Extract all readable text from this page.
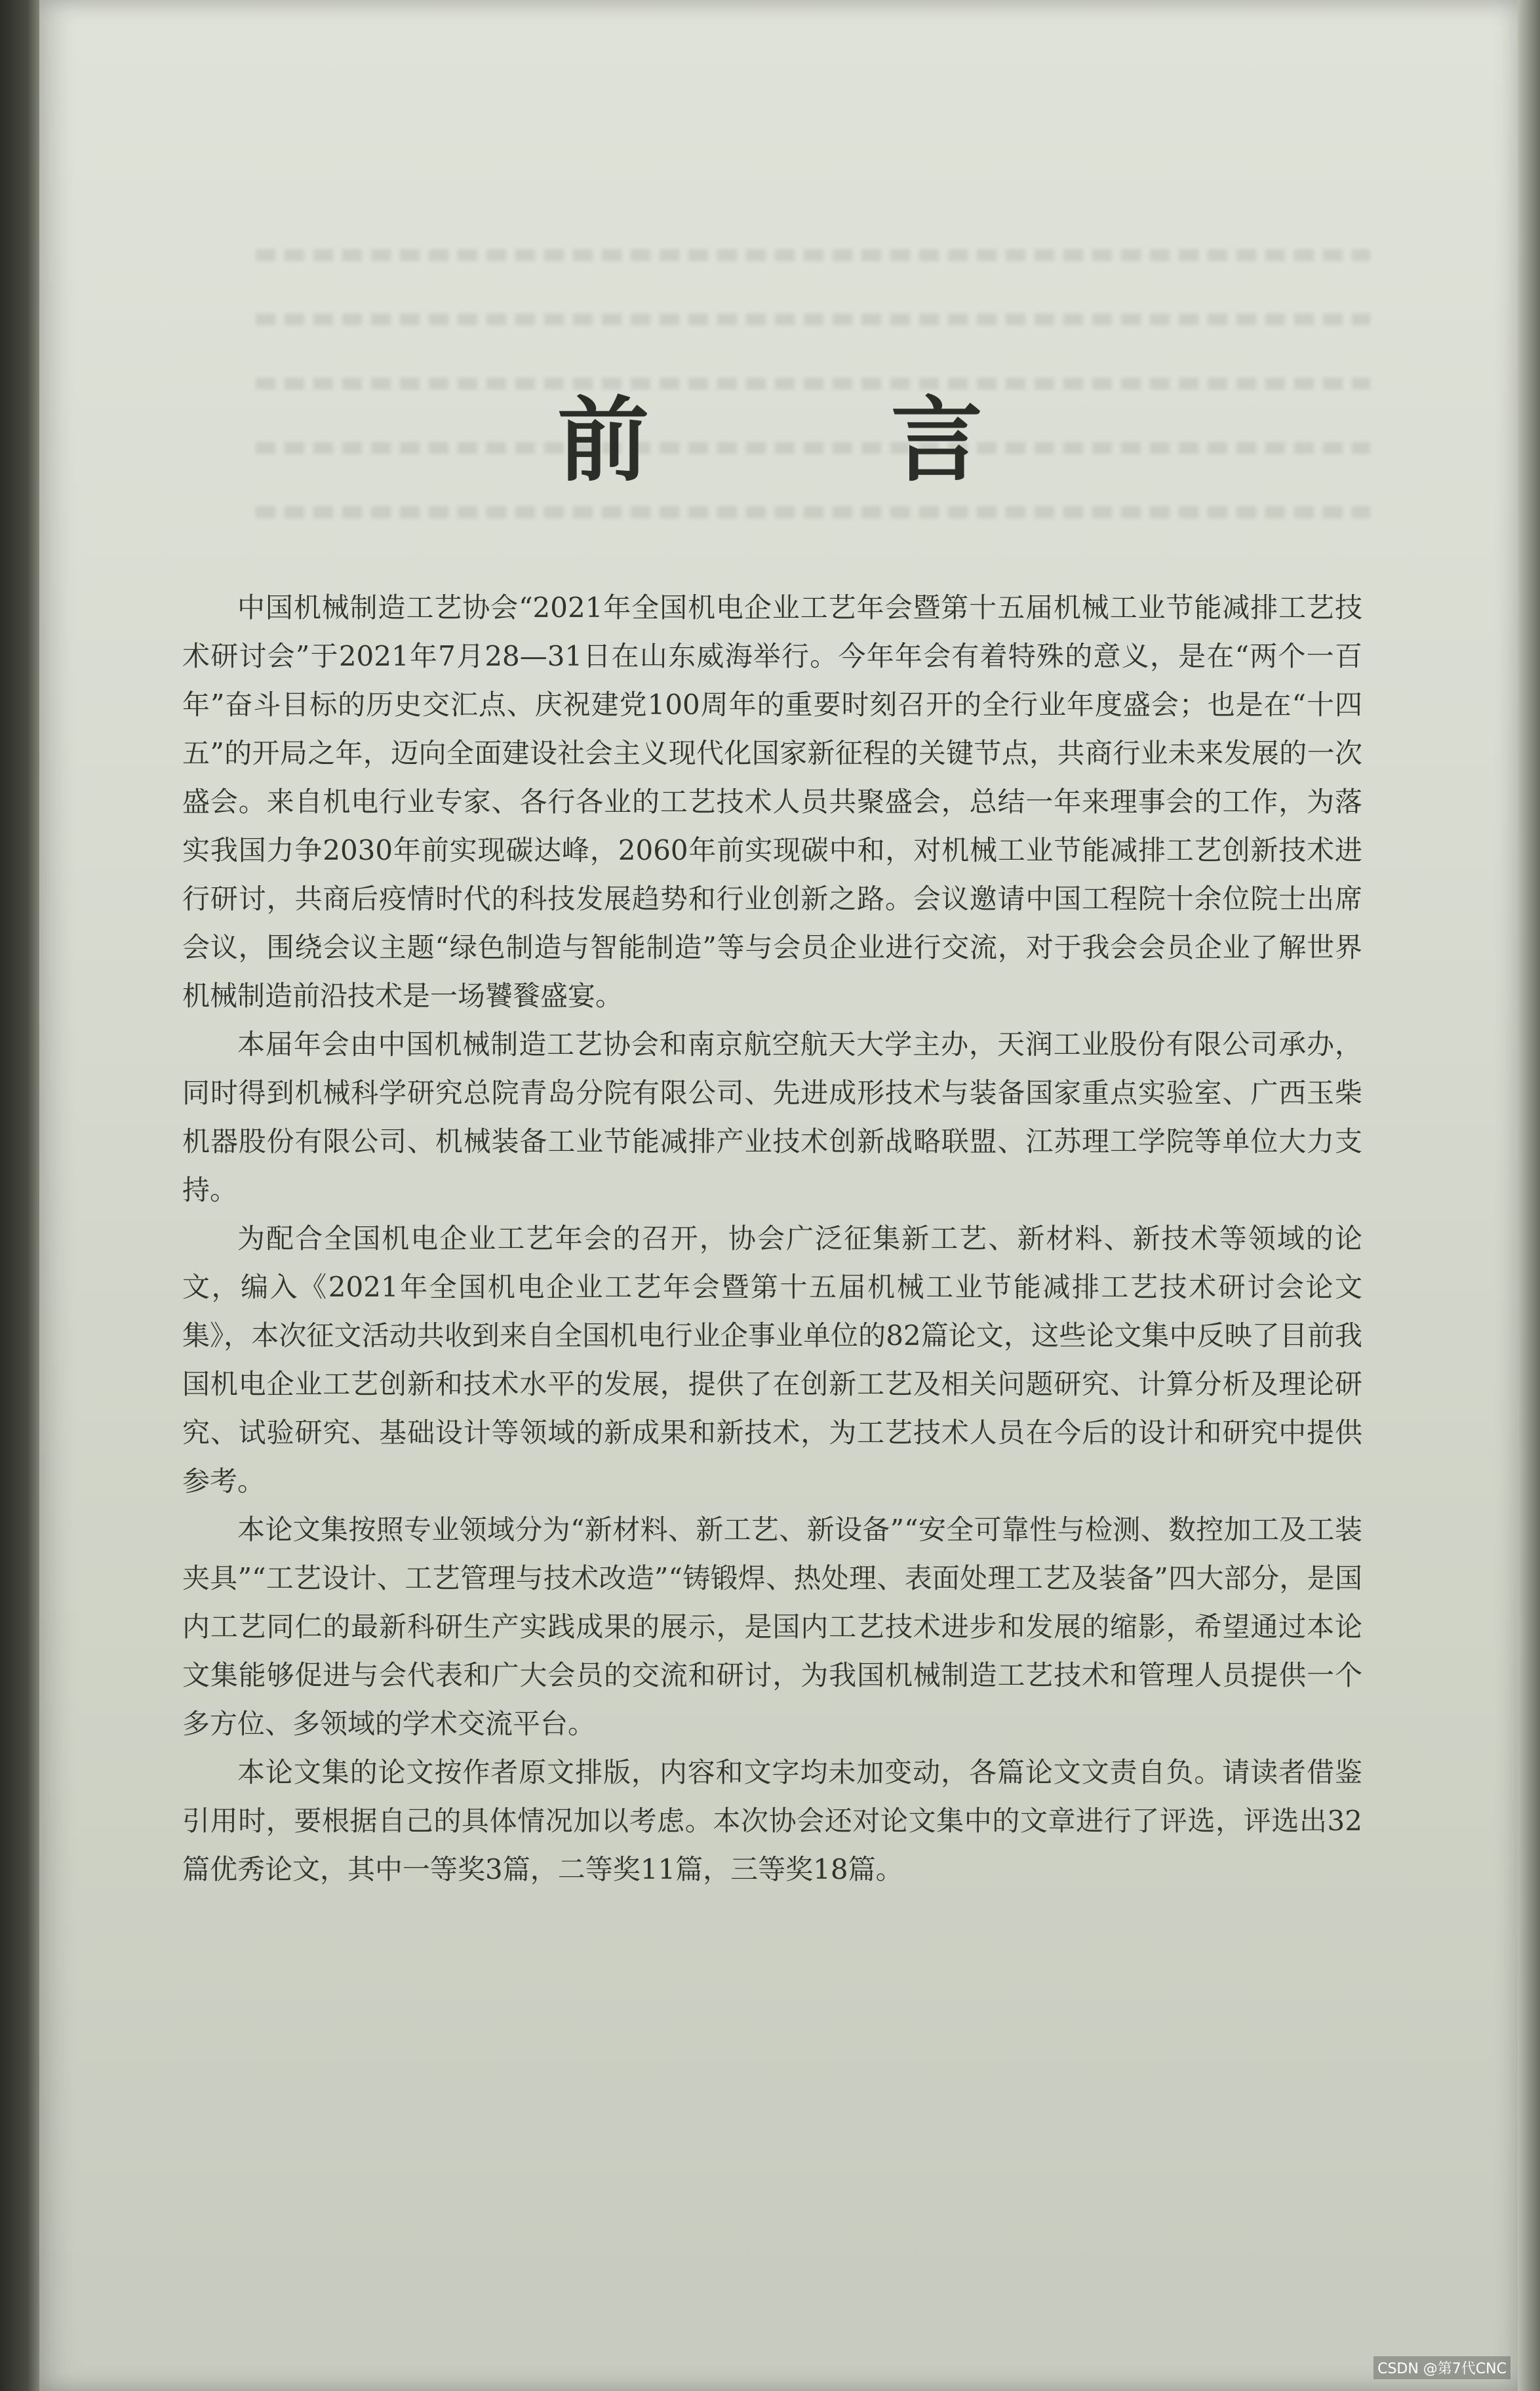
前 言

中国机械制造工艺协会“2021年全国机电企业工艺年会暨第十五届机械工业节能减排工艺技术研讨会”于2021年7月28—31日在山东威海举行。今年年会有着特殊的意义，是在“两个一百年”奋斗目标的历史交汇点、庆祝建党100周年的重要时刻召开的全行业年度盛会；也是在“十四五”的开局之年，迈向全面建设社会主义现代化国家新征程的关键节点，共商行业未来发展的一次盛会。来自机电行业专家、各行各业的工艺技术人员共聚盛会，总结一年来理事会的工作，为落实我国力争2030年前实现碳达峰，2060年前实现碳中和，对机械工业节能减排工艺创新技术进行研讨，共商后疫情时代的科技发展趋势和行业创新之路。会议邀请中国工程院十余位院士出席会议，围绕会议主题“绿色制造与智能制造”等与会员企业进行交流，对于我会会员企业了解世界机械制造前沿技术是一场饕餮盛宴。

本届年会由中国机械制造工艺协会和南京航空航天大学主办，天润工业股份有限公司承办，同时得到机械科学研究总院青岛分院有限公司、先进成形技术与装备国家重点实验室、广西玉柴机器股份有限公司、机械装备工业节能减排产业技术创新战略联盟、江苏理工学院等单位大力支持。

为配合全国机电企业工艺年会的召开，协会广泛征集新工艺、新材料、新技术等领域的论文，编入《2021年全国机电企业工艺年会暨第十五届机械工业节能减排工艺技术研讨会论文集》，本次征文活动共收到来自全国机电行业企事业单位的82篇论文，这些论文集中反映了目前我国机电企业工艺创新和技术水平的发展，提供了在创新工艺及相关问题研究、计算分析及理论研究、试验研究、基础设计等领域的新成果和新技术，为工艺技术人员在今后的设计和研究中提供参考。

本论文集按照专业领域分为“新材料、新工艺、新设备”“安全可靠性与检测、数控加工及工装夹具”“工艺设计、工艺管理与技术改造”“铸锻焊、热处理、表面处理工艺及装备”四大部分，是国内工艺同仁的最新科研生产实践成果的展示，是国内工艺技术进步和发展的缩影，希望通过本论文集能够促进与会代表和广大会员的交流和研讨，为我国机械制造工艺技术和管理人员提供一个多方位、多领域的学术交流平台。

本论文集的论文按作者原文排版，内容和文字均未加变动，各篇论文文责自负。请读者借鉴引用时，要根据自己的具体情况加以考虑。本次协会还对论文集中的文章进行了评选，评选出32篇优秀论文，其中一等奖3篇，二等奖11篇，三等奖18篇。

CSDN @第7代CNC
